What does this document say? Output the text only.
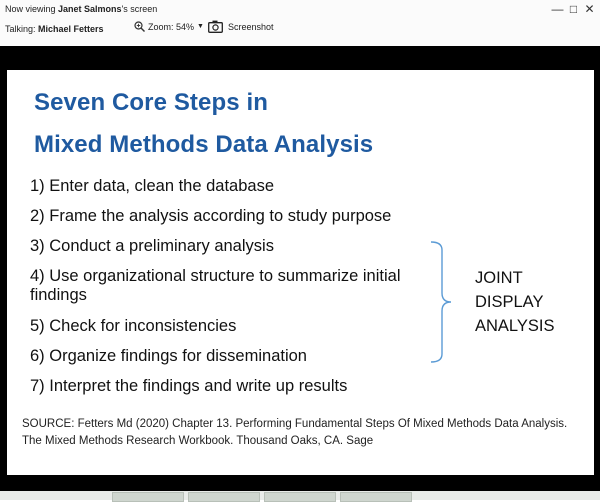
Now viewing Janet Salmons's screen
Talking: Michael Fetters	Zoom: 54% ▼	Screenshot
— □ ✕
Seven Core Steps in
Mixed Methods Data Analysis
1) Enter data, clean the database
2) Frame the analysis according to study purpose
3) Conduct a preliminary analysis
4) Use organizational structure to summarize initial findings
5) Check for inconsistencies
6) Organize findings for dissemination
7) Interpret the findings and write up results
JOINT
DISPLAY
ANALYSIS
SOURCE: Fetters Md (2020) Chapter 13. Performing Fundamental Steps Of Mixed Methods Data Analysis.
The Mixed Methods Research Workbook. Thousand Oaks, CA. Sage
